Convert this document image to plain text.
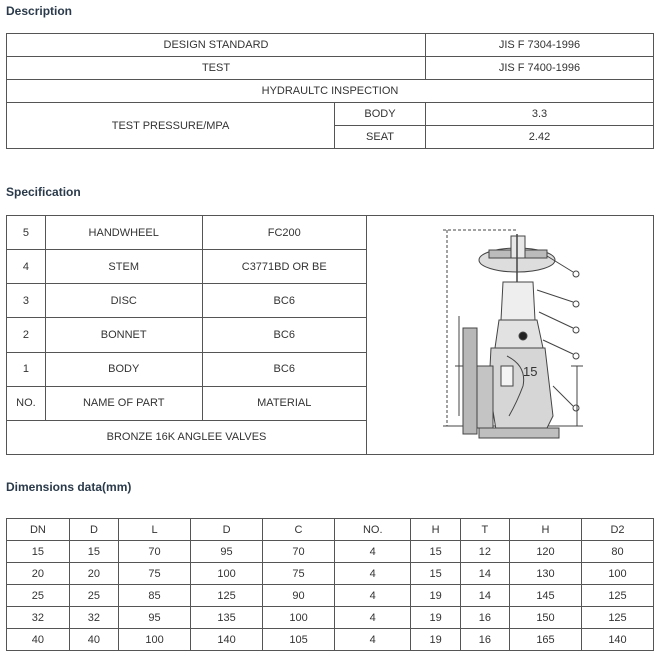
Description
DESIGN STANDARD		JIS F 7304-1996
TEST		JIS F 7400-1996
HYDRAULTC INSPECTION		
TEST PRESSURE/MPA	BODY	3.3
	SEAT	2.42
Specification
5	HANDWHEEL	FC200	15

4	STEM	C3771BD OR BE	
3	DISC	BC6	
2	BONNET	BC6	
1	BODY	BC6	
NO.	NAME OF PART	MATERIAL	
BRONZE 16K ANGLEE VALVES			
Dimensions data(mm)
DN	D	L	D	C	NO.	H	T	H	D2
15	15	70	95	70	4	15	12	120	80
20	20	75	100	75	4	15	14	130	100
25	25	85	125	90	4	19	14	145	125
32	32	95	135	100	4	19	16	150	125
40	40	100	140	105	4	19	16	165	140
